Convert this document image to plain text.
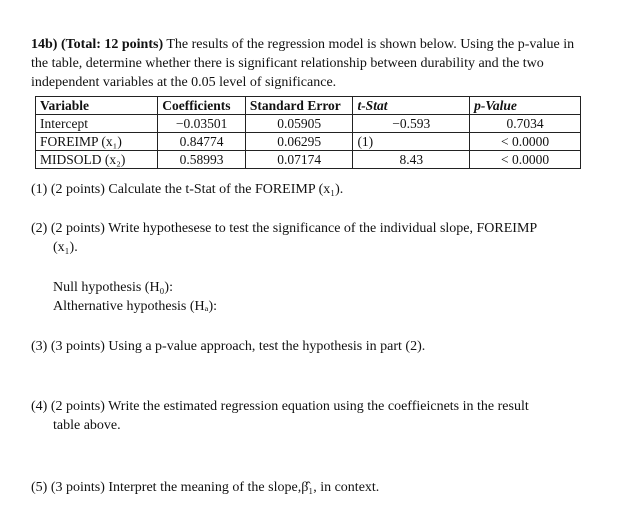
14b) (Total: 12 points) The results of the regression model is shown below. Using the p-value in the table, determine whether there is significant relationship between durability and the two independent variables at the 0.05 level of significance.
Variable	Coefficients	Standard Error	t-Stat	p-Value
Intercept	−0.03501	0.05905	−0.593	0.7034
FOREIMP (x₁)	0.84774	0.06295	(1)	< 0.0000
MIDSOLD (x₂)	0.58993	0.07174	8.43	< 0.0000
(1) (2 points) Calculate the t-Stat of the FOREIMP (x₁).
(2) (2 points) Write hypothesese to test the significance of the individual slope, FOREIMP
(x₁).
Null hypothesis (H₀):
Althernative hypothesis (Hₐ):
(3) (3 points) Using a p-value approach, test the hypothesis in part (2).
(4) (2 points) Write the estimated regression equation using the coeffieicnets in the result
table above.
(5) (3 points) Interpret the meaning of the slope,β̂₁, in context.
